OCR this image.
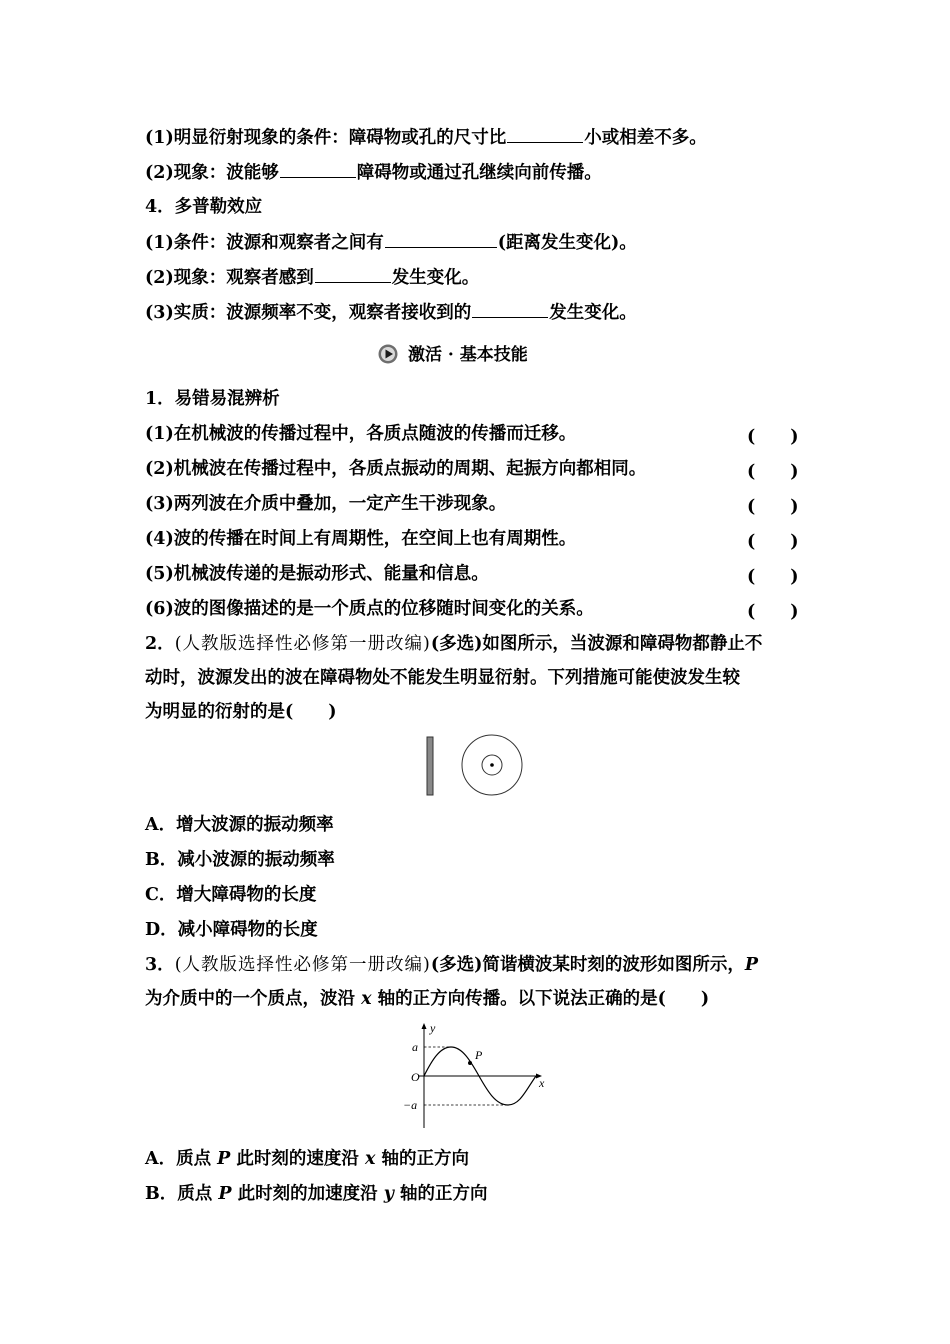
(1)明显衍射现象的条件：障碍物或孔的尺寸比	小或相差不多。
(2)现象：波能够	障碍物或通过孔继续向前传播。
4．多普勒效应
(1)条件：波源和观察者之间有	(距离发生变化)。
(2)现象：观察者感到	发生变化。
(3)实质：波源频率不变，观察者接收到的	发生变化。
激活 · 基本技能
1．易错易混辨析
(1)在机械波的传播过程中，各质点随波的传播而迁移。	(　　)
(2)机械波在传播过程中，各质点振动的周期、起振方向都相同。	(　　)
(3)两列波在介质中叠加，一定产生干涉现象。	(　　)
(4)波的传播在时间上有周期性，在空间上也有周期性。	(　　)
(5)机械波传递的是振动形式、能量和信息。	(　　)
(6)波的图像描述的是一个质点的位移随时间变化的关系。	(　　)
2．(人教版选择性必修第一册改编)(多选)如图所示，当波源和障碍物都静止不
动时，波源发出的波在障碍物处不能发生明显衍射。下列措施可能使波发生较
为明显的衍射的是(　　)
A．增大波源的振动频率
B．减小波源的振动频率
C．增大障碍物的长度
D．减小障碍物的长度
3．(人教版选择性必修第一册改编)(多选)简谐横波某时刻的波形如图所示，P
为介质中的一个质点，波沿 x 轴的正方向传播。以下说法正确的是(　　)
y
x
a
−a
O
P
A．质点 P 此时刻的速度沿 x 轴的正方向
B．质点 P 此时刻的加速度沿 y 轴的正方向
